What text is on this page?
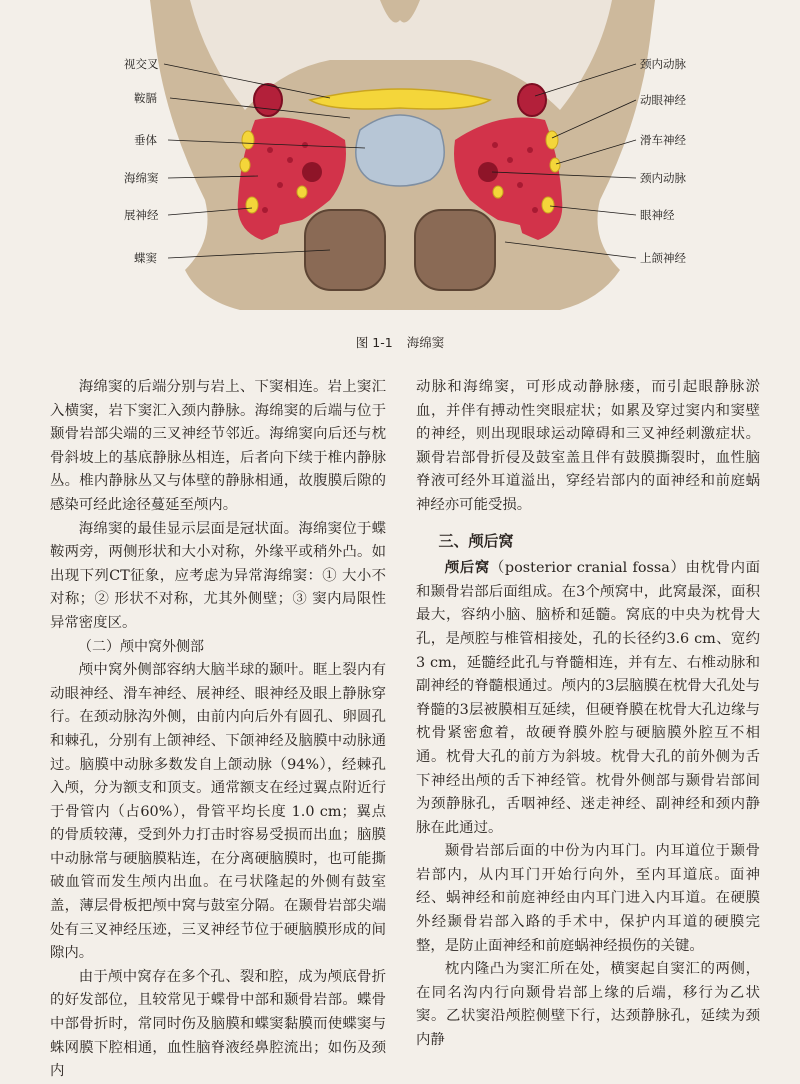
视交叉
鞍膈
垂体
海绵窦
展神经
蝶窦
颈内动脉
动眼神经
滑车神经
颈内动脉
眼神经
上颌神经
图 1-1 海绵窦

海绵窦的后端分别与岩上、下窦相连。岩上窦汇入横窦，岩下窦汇入颈内静脉。海绵窦的后端与位于颞骨岩部尖端的三叉神经节邻近。海绵窦向后还与枕骨斜坡上的基底静脉丛相连，后者向下续于椎内静脉丛。椎内静脉丛又与体壁的静脉相通，故腹膜后隙的感染可经此途径蔓延至颅内。

海绵窦的最佳显示层面是冠状面。海绵窦位于蝶鞍两旁，两侧形状和大小对称，外缘平或稍外凸。如出现下列CT征象，应考虑为异常海绵窦：① 大小不对称；② 形状不对称，尤其外侧壁；③ 窦内局限性异常密度区。

（二）颅中窝外侧部

颅中窝外侧部容纳大脑半球的颞叶。眶上裂内有动眼神经、滑车神经、展神经、眼神经及眼上静脉穿行。在颈动脉沟外侧，由前内向后外有圆孔、卵圆孔和棘孔，分别有上颌神经、下颌神经及脑膜中动脉通过。脑膜中动脉多数发自上颌动脉（94%），经棘孔入颅，分为额支和顶支。通常额支在经过翼点附近行于骨管内（占60%），骨管平均长度 1.0 cm；翼点的骨质较薄，受到外力打击时容易受损而出血；脑膜中动脉常与硬脑膜粘连，在分离硬脑膜时，也可能撕破血管而发生颅内出血。在弓状隆起的外侧有鼓室盖，薄层骨板把颅中窝与鼓室分隔。在颞骨岩部尖端处有三叉神经压迹，三叉神经节位于硬脑膜形成的间隙内。

由于颅中窝存在多个孔、裂和腔，成为颅底骨折的好发部位，且较常见于蝶骨中部和颞骨岩部。蝶骨中部骨折时，常同时伤及脑膜和蝶窦黏膜而使蝶窦与蛛网膜下腔相通，血性脑脊液经鼻腔流出；如伤及颈内

动脉和海绵窦，可形成动静脉瘘，而引起眼静脉淤血，并伴有搏动性突眼症状；如累及穿过窦内和窦壁的神经，则出现眼球运动障碍和三叉神经刺激症状。颞骨岩部骨折侵及鼓室盖且伴有鼓膜撕裂时，血性脑脊液可经外耳道溢出，穿经岩部内的面神经和前庭蜗神经亦可能受损。

三、颅后窝

颅后窝（posterior cranial fossa）由枕骨内面和颞骨岩部后面组成。在3个颅窝中，此窝最深，面积最大，容纳小脑、脑桥和延髓。窝底的中央为枕骨大孔，是颅腔与椎管相接处，孔的长径约3.6 cm、宽约3 cm，延髓经此孔与脊髓相连，并有左、右椎动脉和副神经的脊髓根通过。颅内的3层脑膜在枕骨大孔处与脊髓的3层被膜相互延续，但硬脊膜在枕骨大孔边缘与枕骨紧密愈着，故硬脊膜外腔与硬脑膜外腔互不相通。枕骨大孔的前方为斜坡。枕骨大孔的前外侧为舌下神经出颅的舌下神经管。枕骨外侧部与颞骨岩部间为颈静脉孔，舌咽神经、迷走神经、副神经和颈内静脉在此通过。

颞骨岩部后面的中份为内耳门。内耳道位于颞骨岩部内，从内耳门开始行向外，至内耳道底。面神经、蜗神经和前庭神经由内耳门进入内耳道。在硬膜外经颞骨岩部入路的手术中，保护内耳道的硬膜完整，是防止面神经和前庭蜗神经损伤的关键。

枕内隆凸为窦汇所在处，横窦起自窦汇的两侧，在同名沟内行向颞骨岩部上缘的后端，移行为乙状窦。乙状窦沿颅腔侧壁下行，达颈静脉孔，延续为颈内静
